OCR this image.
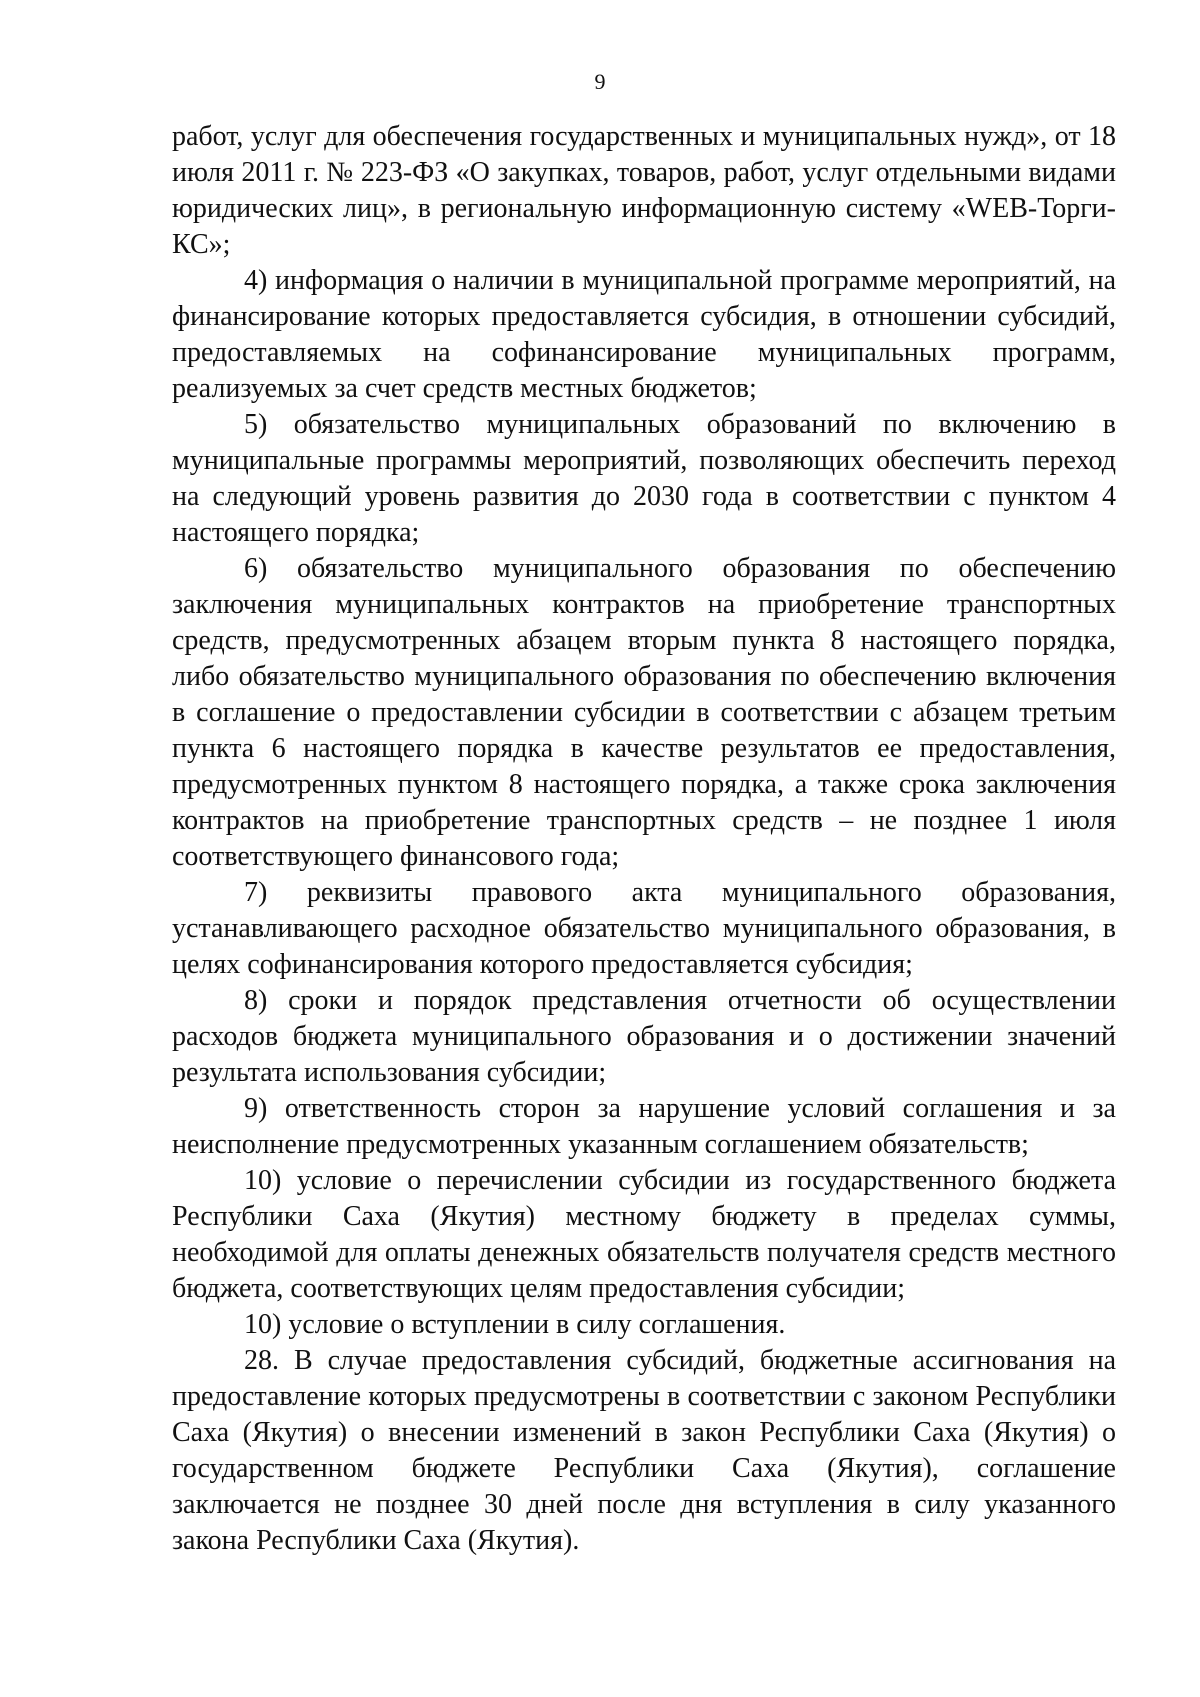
9

работ, услуг для обеспечения государственных и муниципальных нужд», от 18 июля 2011 г. № 223-ФЗ «О закупках, товаров, работ, услуг отдельными видами юридических лиц», в региональную информационную систему «WEB-Торги-КС»;

4) информация о наличии в муниципальной программе мероприятий, на финансирование которых предоставляется субсидия, в отношении субсидий, предоставляемых на софинансирование муниципальных программ, реализуемых за счет средств местных бюджетов;

5) обязательство муниципальных образований по включению в муниципальные программы мероприятий, позволяющих обеспечить переход на следующий уровень развития до 2030 года в соответствии с пунктом 4 настоящего порядка;

6) обязательство муниципального образования по обеспечению заключения муниципальных контрактов на приобретение транспортных средств, предусмотренных абзацем вторым пункта 8 настоящего порядка, либо обязательство муниципального образования по обеспечению включения в соглашение о предоставлении субсидии в соответствии с абзацем третьим пункта 6 настоящего порядка в качестве результатов ее предоставления, предусмотренных пунктом 8 настоящего порядка, а также срока заключения контрактов на приобретение транспортных средств – не позднее 1 июля соответствующего финансового года;

7) реквизиты правового акта муниципального образования, устанавливающего расходное обязательство муниципального образования, в целях софинансирования которого предоставляется субсидия;

8) сроки и порядок представления отчетности об осуществлении расходов бюджета муниципального образования и о достижении значений результата использования субсидии;

9) ответственность сторон за нарушение условий соглашения и за неисполнение предусмотренных указанным соглашением обязательств;

10) условие о перечислении субсидии из государственного бюджета Республики Саха (Якутия) местному бюджету в пределах суммы, необходимой для оплаты денежных обязательств получателя средств местного бюджета, соответствующих целям предоставления субсидии;

10) условие о вступлении в силу соглашения.

28. В случае предоставления субсидий, бюджетные ассигнования на предоставление которых предусмотрены в соответствии с законом Республики Саха (Якутия) о внесении изменений в закон Республики Саха (Якутия) о государственном бюджете Республики Саха (Якутия), соглашение заключается не позднее 30 дней после дня вступления в силу указанного закона Республики Саха (Якутия).
